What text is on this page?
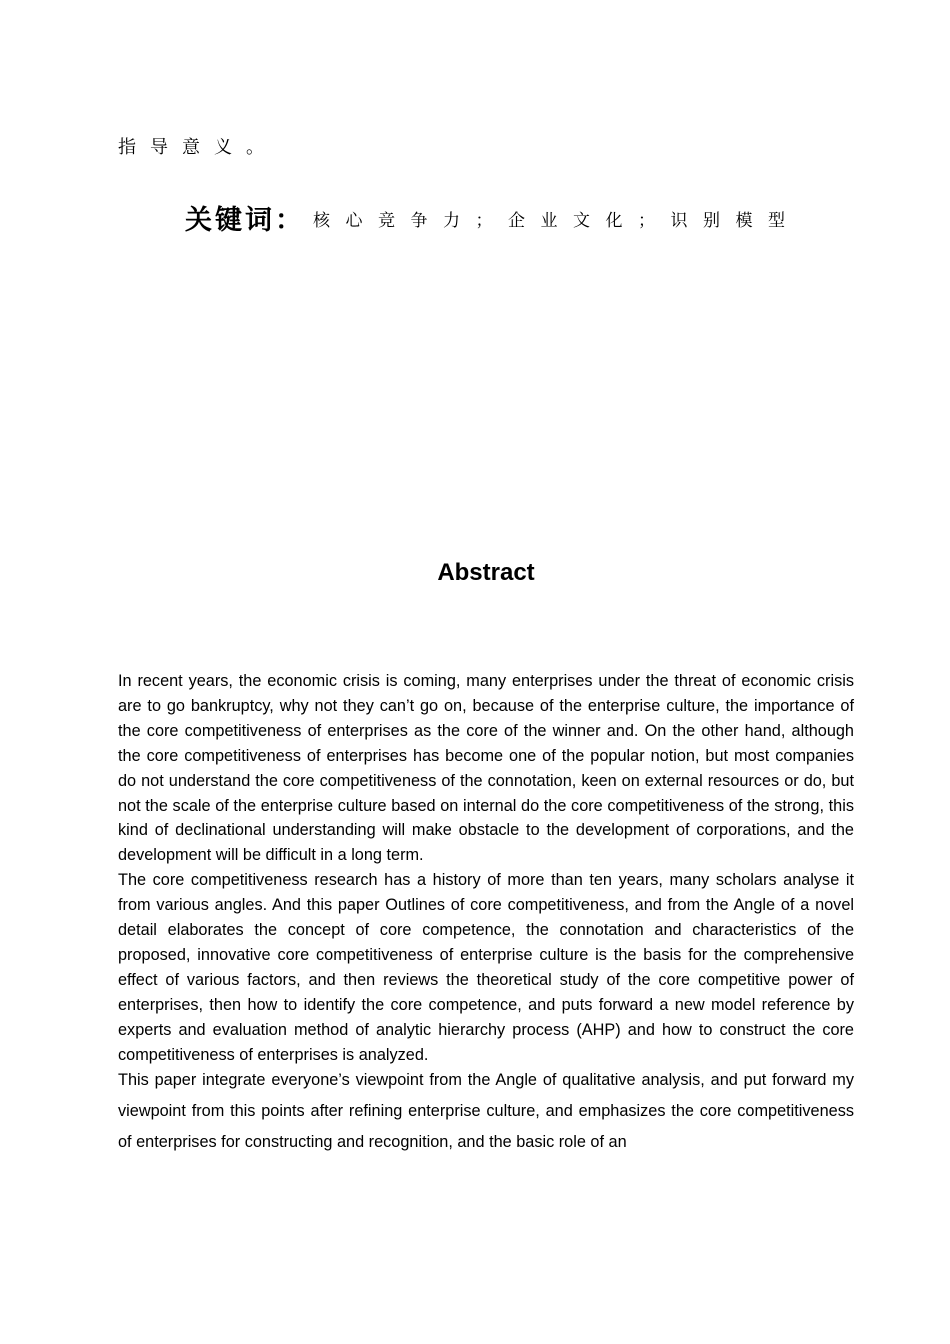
指导意义。
关键词： 核心竞争力；企业文化；识别模型
Abstract

In recent years, the economic crisis is coming, many enterprises under the threat of economic crisis are to go bankruptcy, why not they can’t go on, because of the enterprise culture, the importance of the core competitiveness of enterprises as the core of the winner and. On the other hand, although the core competitiveness of enterprises has become one of the popular notion, but most companies do not understand the core competitiveness of the connotation, keen on external resources or do, but not the scale of the enterprise culture based on internal do the core competitiveness of the strong, this kind of declinational understanding will make obstacle to the development of corporations, and the development will be difficult in a long term.

The core competitiveness research has a history of more than ten years, many scholars analyse it from various angles. And this paper Outlines of core competitiveness, and from the Angle of a novel detail elaborates the concept of core competence, the connotation and characteristics of the proposed, innovative core competitiveness of enterprise culture is the basis for the comprehensive effect of various factors, and then reviews the theoretical study of the core competitive power of enterprises, then how to identify the core competence, and puts forward a new model reference by experts and evaluation method of analytic hierarchy process (AHP) and how to construct the core competitiveness of enterprises is analyzed.

This paper integrate everyone’s viewpoint from the Angle of qualitative analysis, and put forward my viewpoint from this points after refining enterprise culture, and emphasizes the core competitiveness of enterprises for constructing and recognition, and the basic role of an
